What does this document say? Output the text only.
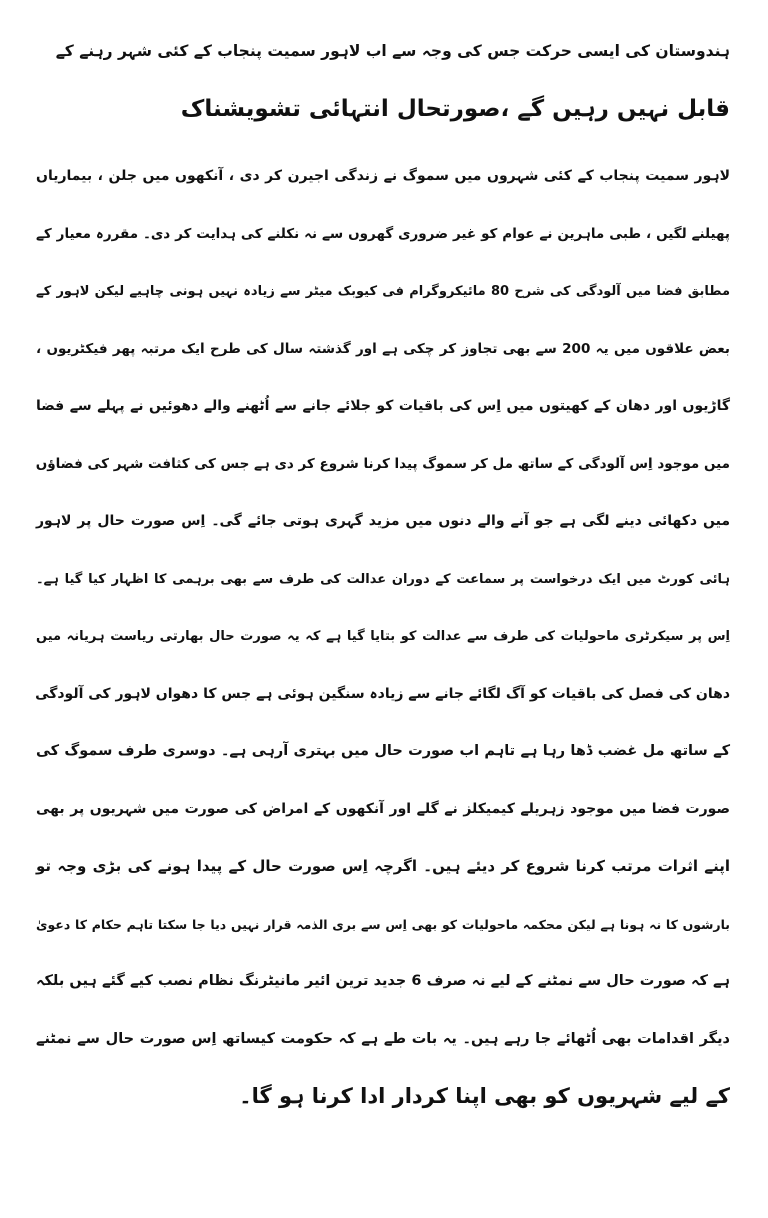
ہندوستان کی ایسی حرکت جس کی وجہ سے اب لاہور سمیت پنجاب کے کئی شہر رہنے کے
قابل نہیں رہیں گے ،صورتحال انتہائی تشویشناک
لاہور سمیت پنجاب کے کئی شہروں میں سموگ نے زندگی اجیرن کر دی ، آنکھوں میں جلن ، بیماریاں
پھیلنے لگیں ، طبی ماہرین نے عوام کو غیر ضروری گھروں سے نہ نکلنے کی ہدایت کر دی۔ مقررہ معیار کے
مطابق فضا میں آلودگی کی شرح 80 مائیکروگرام فی کیوبک میٹر سے زیادہ نہیں ہونی چاہیے لیکن لاہور کے
بعض علاقوں میں یہ 200 سے بھی تجاوز کر چکی ہے اور گذشتہ سال کی طرح ایک مرتبہ پھر فیکٹریوں ،
گاڑیوں اور دھان کے کھیتوں میں اِس کی باقیات کو جلائے جانے سے اُٹھنے والے دھوئیں نے پہلے سے فضا
میں موجود اِس آلودگی کے ساتھ مل کر سموگ پیدا کرنا شروع کر دی ہے جس کی کثافت شہر کی فضاؤں
میں دکھائی دینے لگی ہے جو آنے والے دنوں میں مزید گہری ہوتی جائے گی۔ اِس صورت حال پر لاہور
ہائی کورٹ میں ایک درخواست پر سماعت کے دوران عدالت کی طرف سے بھی برہمی کا اظہار کیا گیا ہے۔
اِس پر سیکرٹری ماحولیات کی طرف سے عدالت کو بتایا گیا ہے کہ یہ صورت حال بھارتی ریاست ہریانہ میں
دھان کی فصل کی باقیات کو آگ لگائے جانے سے زیادہ سنگین ہوئی ہے جس کا دھواں لاہور کی آلودگی
کے ساتھ مل غضب ڈھا رہا ہے تاہم اب صورت حال میں بہتری آرہی ہے۔ دوسری طرف سموگ کی
صورت فضا میں موجود زہریلے کیمیکلز نے گلے اور آنکھوں کے امراض کی صورت میں شہریوں پر بھی
اپنے اثرات مرتب کرنا شروع کر دیئے ہیں۔ اگرچہ اِس صورت حال کے پیدا ہونے کی بڑی وجہ تو
بارشوں کا نہ ہونا ہے لیکن محکمہ ماحولیات کو بھی اِس سے بری الذمہ قرار نہیں دیا جا سکتا تاہم حکام کا دعویٰ
ہے کہ صورت حال سے نمٹنے کے لیے نہ صرف 6 جدید ترین ائیر مانیٹرنگ نظام نصب کیے گئے ہیں بلکہ
دیگر اقدامات بھی اُٹھائے جا رہے ہیں۔ یہ بات طے ہے کہ حکومت کیساتھ اِس صورت حال سے نمٹنے
کے لیے شہریوں کو بھی اپنا کردار ادا کرنا ہو گا۔
